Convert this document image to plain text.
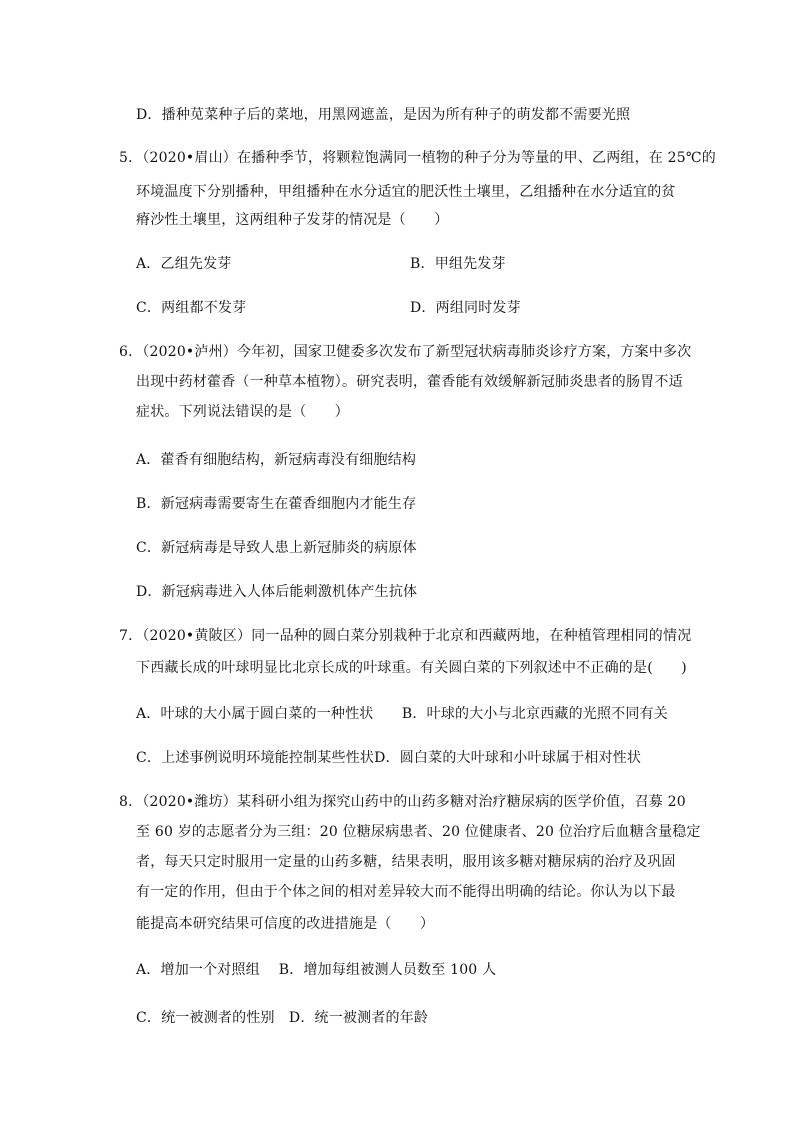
D．播种苋菜种子后的菜地，用黑网遮盖，是因为所有种子的萌发都不需要光照
5．（2020•眉山）在播种季节，将颗粒饱满同一植物的种子分为等量的甲、乙两组，在 25℃的
环境温度下分别播种，甲组播种在水分适宜的肥沃性土壤里，乙组播种在水分适宜的贫
瘠沙性土壤里，这两组种子发芽的情况是（　　）
A．乙组先发芽	B．甲组先发芽
C．两组都不发芽	D．两组同时发芽
6．（2020•泸州）今年初，国家卫健委多次发布了新型冠状病毒肺炎诊疗方案，方案中多次
出现中药材藿香（一种草本植物）。研究表明，藿香能有效缓解新冠肺炎患者的肠胃不适
症状。下列说法错误的是（　　）
A．藿香有细胞结构，新冠病毒没有细胞结构
B．新冠病毒需要寄生在藿香细胞内才能生存
C．新冠病毒是导致人患上新冠肺炎的病原体
D．新冠病毒进入人体后能刺激机体产生抗体
7．（2020•黄陂区）同一品种的圆白菜分别栽种于北京和西藏两地，在种植管理相同的情况
下西藏长成的叶球明显比北京长成的叶球重。有关圆白菜的下列叙述中不正确的是(　　)
A．叶球的大小属于圆白菜的一种性状　　B．叶球的大小与北京西藏的光照不同有关
C．上述事例说明环境能控制某些性状D．圆白菜的大叶球和小叶球属于相对性状
8．（2020•潍坊）某科研小组为探究山药中的山药多糖对治疗糖尿病的医学价值，召募 20
至 60 岁的志愿者分为三组：20 位糖尿病患者、20 位健康者、20 位治疗后血糖含量稳定
者，每天只定时服用一定量的山药多糖，结果表明，服用该多糖对糖尿病的治疗及巩固
有一定的作用，但由于个体之间的相对差异较大而不能得出明确的结论。你认为以下最
能提高本研究结果可信度的改进措施是（　　）
A．增加一个对照组　 B．增加每组被测人员数至 100 人
C．统一被测者的性别　D．统一被测者的年龄
